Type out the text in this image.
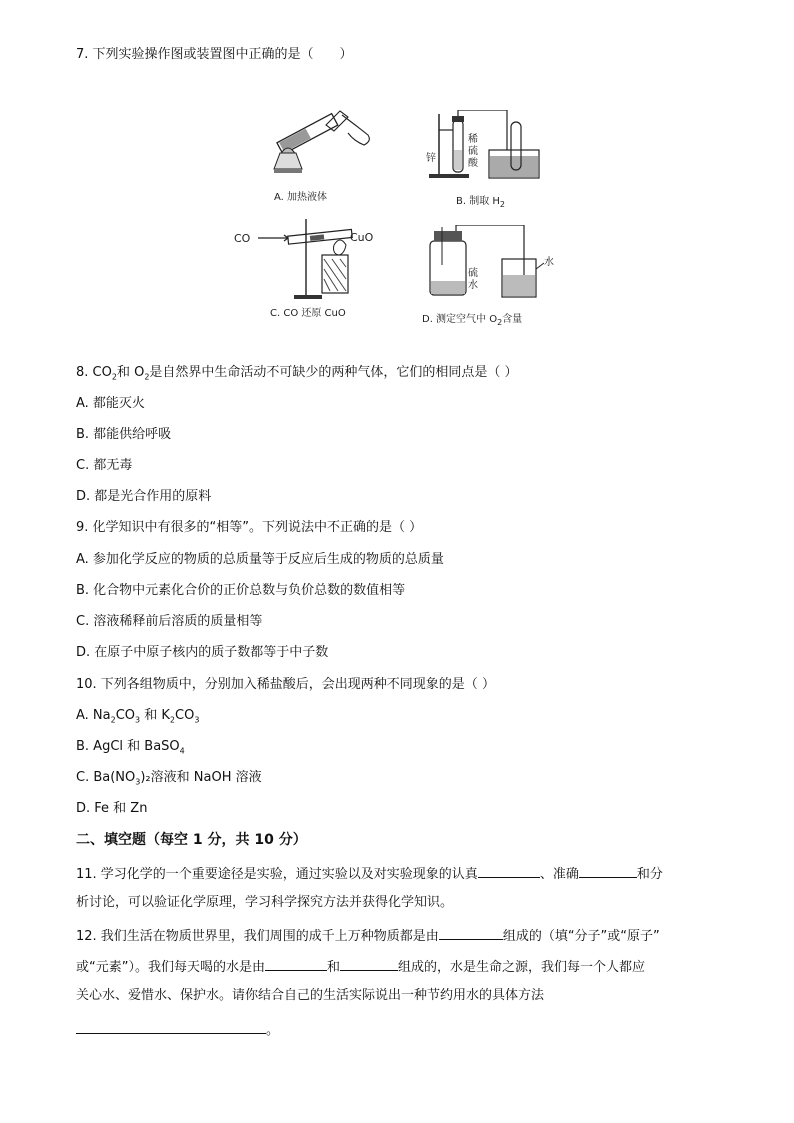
7. 下列实验操作图或装置图中正确的是（　　）
A. 加热液体
锌
稀
硫
酸
B. 制取 $H_2$
CO	CuO
C. CO 还原 CuO
硫
水
水
D. 测定空气中 $O_2$含量
8. $CO_2$和 $O_2$是自然界中生命活动不可缺少的两种气体，它们的相同点是（ ）
A. 都能灭火
B. 都能供给呼吸
C. 都无毒
D. 都是光合作用的原料
9. 化学知识中有很多的“相等”。下列说法中不正确的是（ ）
A. 参加化学反应的物质的总质量等于反应后生成的物质的总质量
B. 化合物中元素化合价的正价总数与负价总数的数值相等
C. 溶液稀释前后溶质的质量相等
D. 在原子中原子核内的质子数都等于中子数
10. 下列各组物质中，分别加入稀盐酸后，会出现两种不同现象的是（ ）
A. $Na_2CO_3$ 和 $K_2CO_3$
B. AgCl 和 BaSO$_4$
C. $Ba(NO_3)_2$溶液和 NaOH 溶液
D. Fe 和 Zn
二、填空题（每空 1 分，共 10 分）
11. 学习化学的一个重要途径是实验，通过实验以及对实验现象的认真	、准确	和分
析讨论，可以验证化学原理，学习科学探究方法并获得化学知识。
12. 我们生活在物质世界里，我们周围的成千上万种物质都是由	组成的（填“分子”或“原子”
或“元素”）。我们每天喝的水是由	和	组成的，水是生命之源，我们每一个人都应
关心水、爱惜水、保护水。请你结合自己的生活实际说出一种节约用水的具体方法
。
